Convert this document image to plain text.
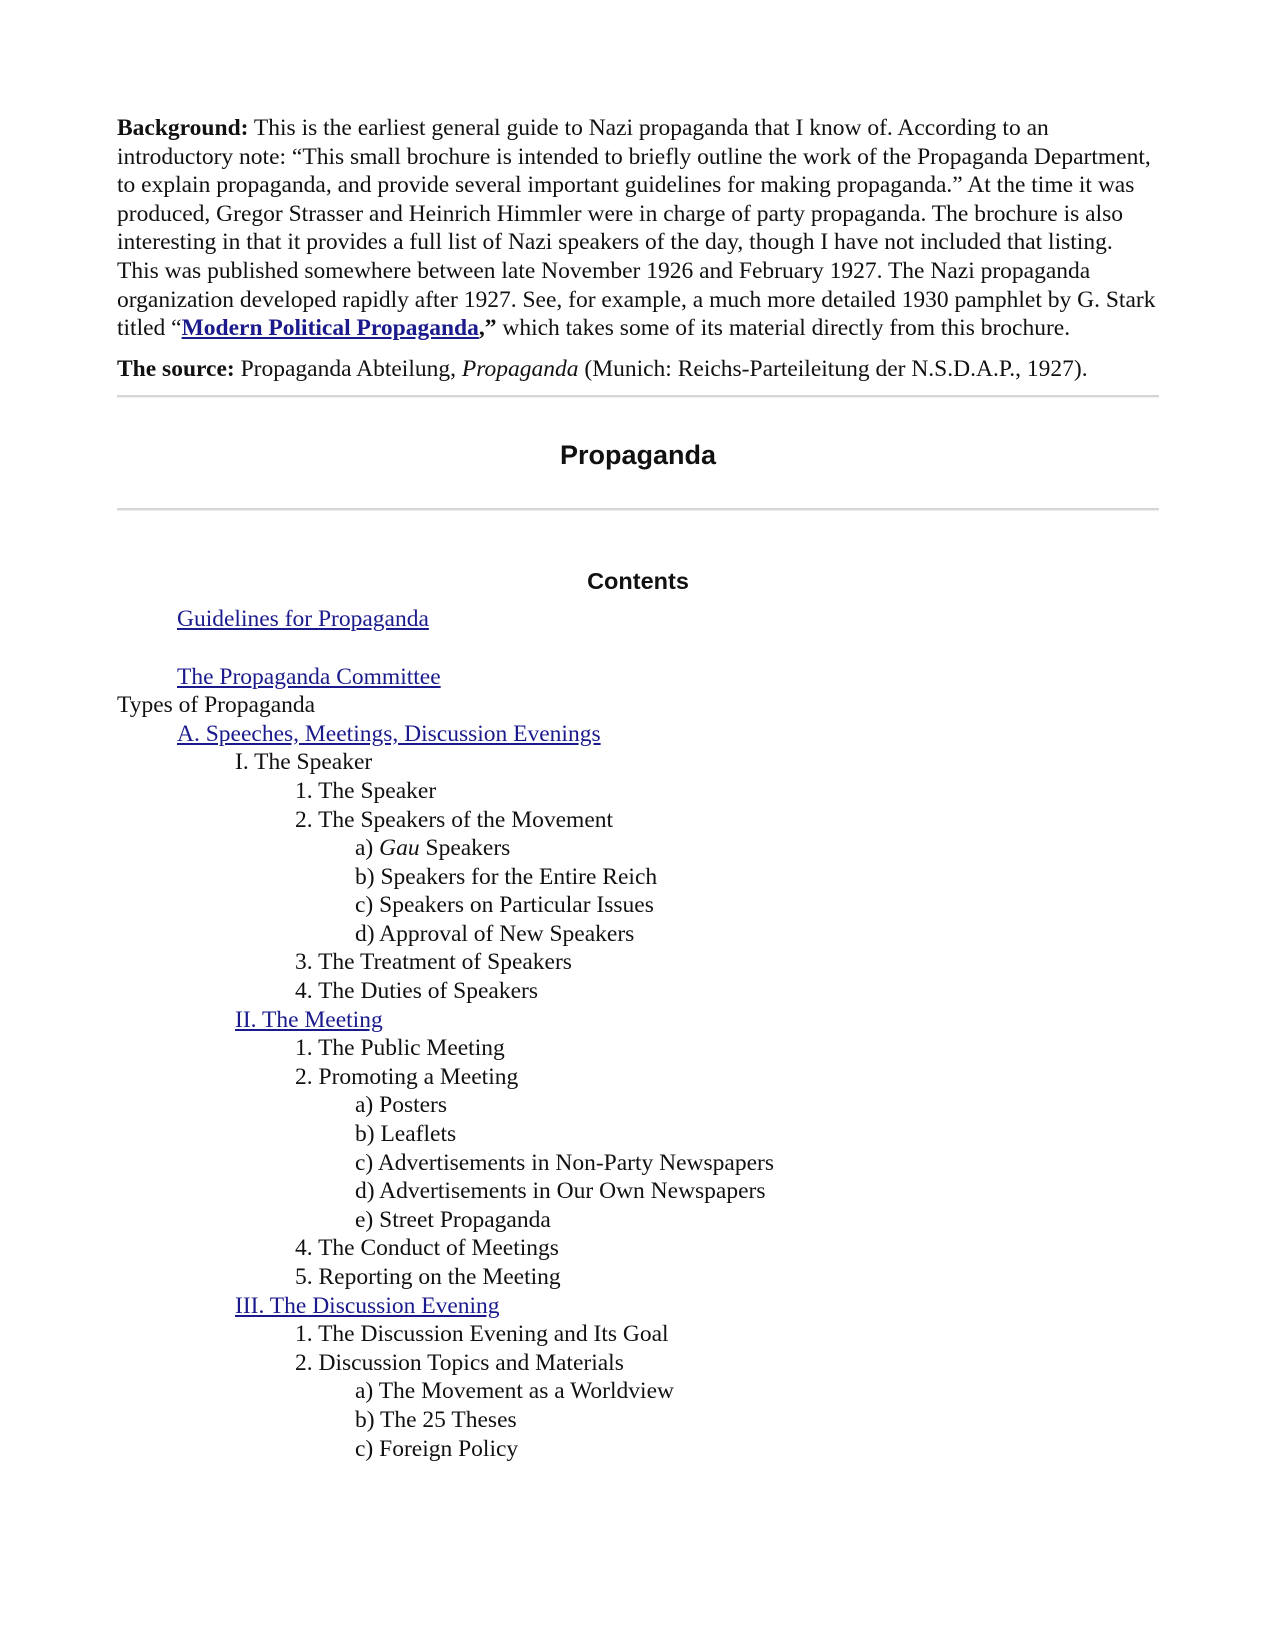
Background: This is the earliest general guide to Nazi propaganda that I know of. According to an introductory note: “This small brochure is intended to briefly outline the work of the Propaganda Department, to explain propaganda, and provide several important guidelines for making propaganda.” At the time it was produced, Gregor Strasser and Heinrich Himmler were in charge of party propaganda. The brochure is also interesting in that it provides a full list of Nazi speakers of the day, though I have not included that listing. This was published somewhere between late November 1926 and February 1927. The Nazi propaganda organization developed rapidly after 1927. See, for example, a much more detailed 1930 pamphlet by G. Stark titled “Modern Political Propaganda,” which takes some of its material directly from this brochure.

The source: Propaganda Abteilung, Propaganda (Munich: Reichs-Parteileitung der N.S.D.A.P., 1927).

Propaganda
Contents
Guidelines for Propaganda
The Propaganda Committee
Types of Propaganda
A. Speeches, Meetings, Discussion Evenings
I. The Speaker
1. The Speaker
2. The Speakers of the Movement
a) Gau Speakers
b) Speakers for the Entire Reich
c) Speakers on Particular Issues
d) Approval of New Speakers
3. The Treatment of Speakers
4. The Duties of Speakers
II. The Meeting
1. The Public Meeting
2. Promoting a Meeting
a) Posters
b) Leaflets
c) Advertisements in Non-Party Newspapers
d) Advertisements in Our Own Newspapers
e) Street Propaganda
4. The Conduct of Meetings
5. Reporting on the Meeting
III. The Discussion Evening
1. The Discussion Evening and Its Goal
2. Discussion Topics and Materials
a) The Movement as a Worldview
b) The 25 Theses
c) Foreign Policy
